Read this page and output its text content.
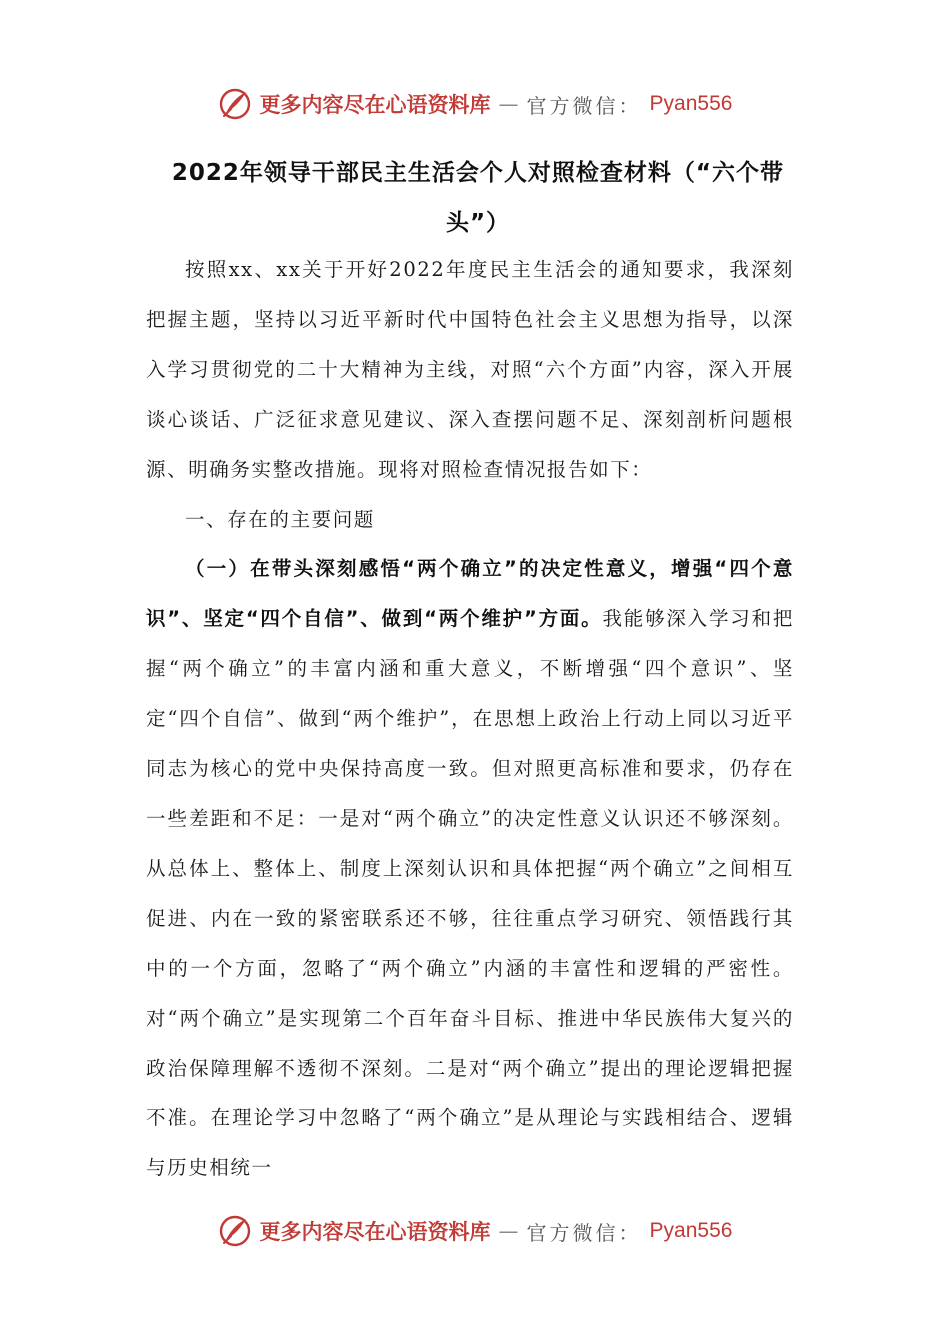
更多内容尽在心语资料库 — 官方微信： Pyan556
2022年领导干部民主生活会个人对照检查材料（“六个带头”）

按照xx、xx关于开好2022年度民主生活会的通知要求，我深刻把握主题，坚持以习近平新时代中国特色社会主义思想为指导，以深入学习贯彻党的二十大精神为主线，对照“六个方面”内容，深入开展谈心谈话、广泛征求意见建议、深入查摆问题不足、深刻剖析问题根源、明确务实整改措施。现将对照检查情况报告如下：

一、存在的主要问题

（一）在带头深刻感悟“两个确立”的决定性意义，增强“四个意识”、坚定“四个自信”、做到“两个维护”方面。我能够深入学习和把握“两个确立”的丰富内涵和重大意义，不断增强“四个意识”、坚定“四个自信”、做到“两个维护”，在思想上政治上行动上同以习近平同志为核心的党中央保持高度一致。但对照更高标准和要求，仍存在一些差距和不足：一是对“两个确立”的决定性意义认识还不够深刻。从总体上、整体上、制度上深刻认识和具体把握“两个确立”之间相互促进、内在一致的紧密联系还不够，往往重点学习研究、领悟践行其中的一个方面，忽略了“两个确立”内涵的丰富性和逻辑的严密性。对“两个确立”是实现第二个百年奋斗目标、推进中华民族伟大复兴的政治保障理解不透彻不深刻。二是对“两个确立”提出的理论逻辑把握不准。在理论学习中忽略了“两个确立”是从理论与实践相结合、逻辑与历史相统一

更多内容尽在心语资料库 — 官方微信： Pyan556
